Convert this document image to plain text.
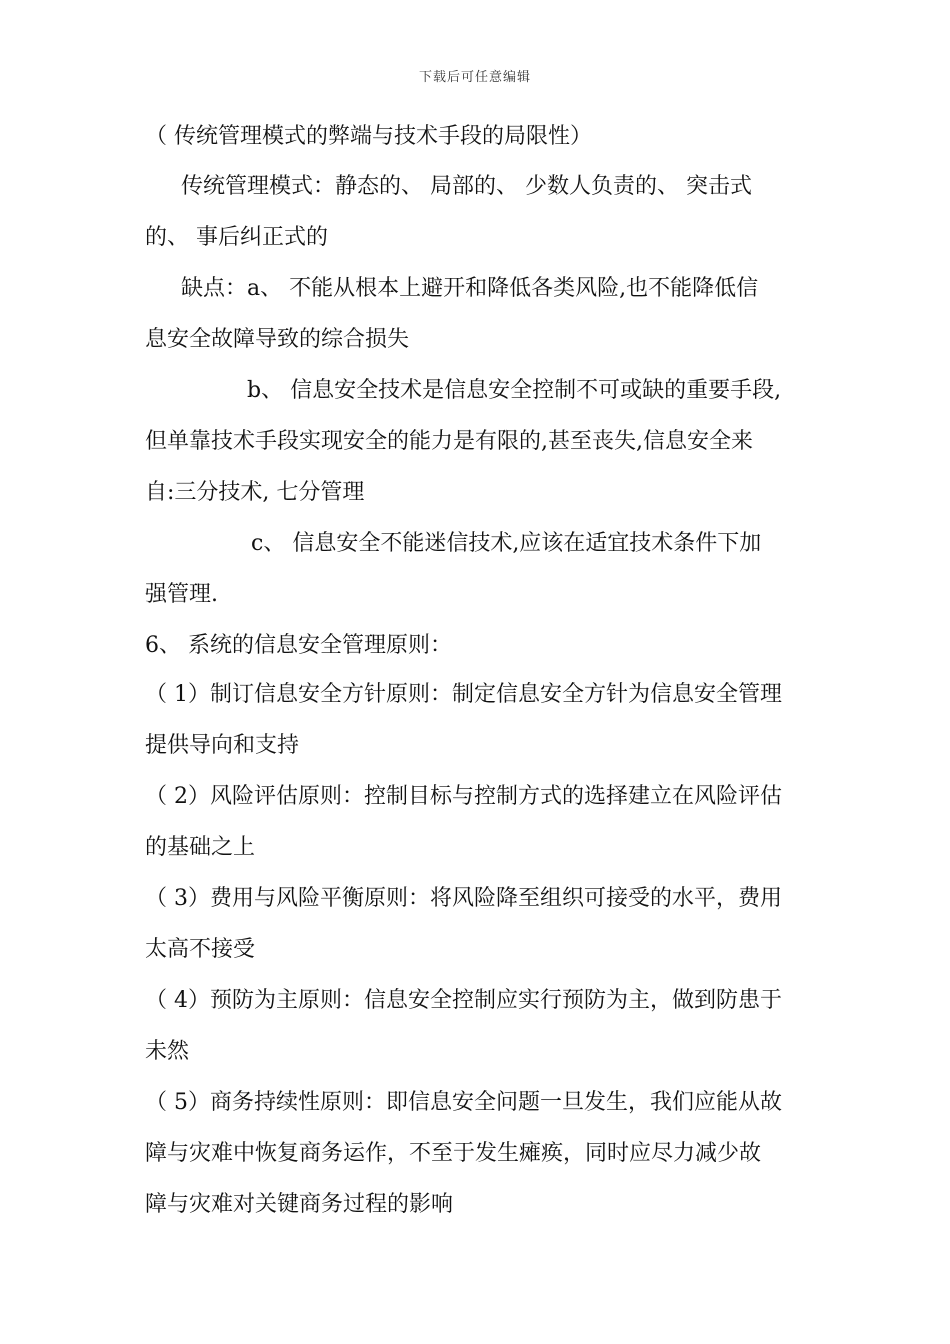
下载后可任意编辑
（ 传统管理模式的弊端与技术手段的局限性）
传统管理模式：静态的、 局部的、 少数人负责的、 突击式
的、 事后纠正式的
缺点：a、 不能从根本上避开和降低各类风险,也不能降低信
息安全故障导致的综合损失
b、 信息安全技术是信息安全控制不可或缺的重要手段,
但单靠技术手段实现安全的能力是有限的,甚至丧失,信息安全来
自:三分技术, 七分管理
c、 信息安全不能迷信技术,应该在适宜技术条件下加
强管理.
6、 系统的信息安全管理原则：
（ 1）制订信息安全方针原则：制定信息安全方针为信息安全管理
提供导向和支持
（ 2）风险评估原则：控制目标与控制方式的选择建立在风险评估
的基础之上
（ 3）费用与风险平衡原则：将风险降至组织可接受的水平，费用
太高不接受
（ 4）预防为主原则：信息安全控制应实行预防为主，做到防患于
未然
（ 5）商务持续性原则：即信息安全问题一旦发生，我们应能从故
障与灾难中恢复商务运作，不至于发生瘫痪，同时应尽力减少故
障与灾难对关键商务过程的影响
